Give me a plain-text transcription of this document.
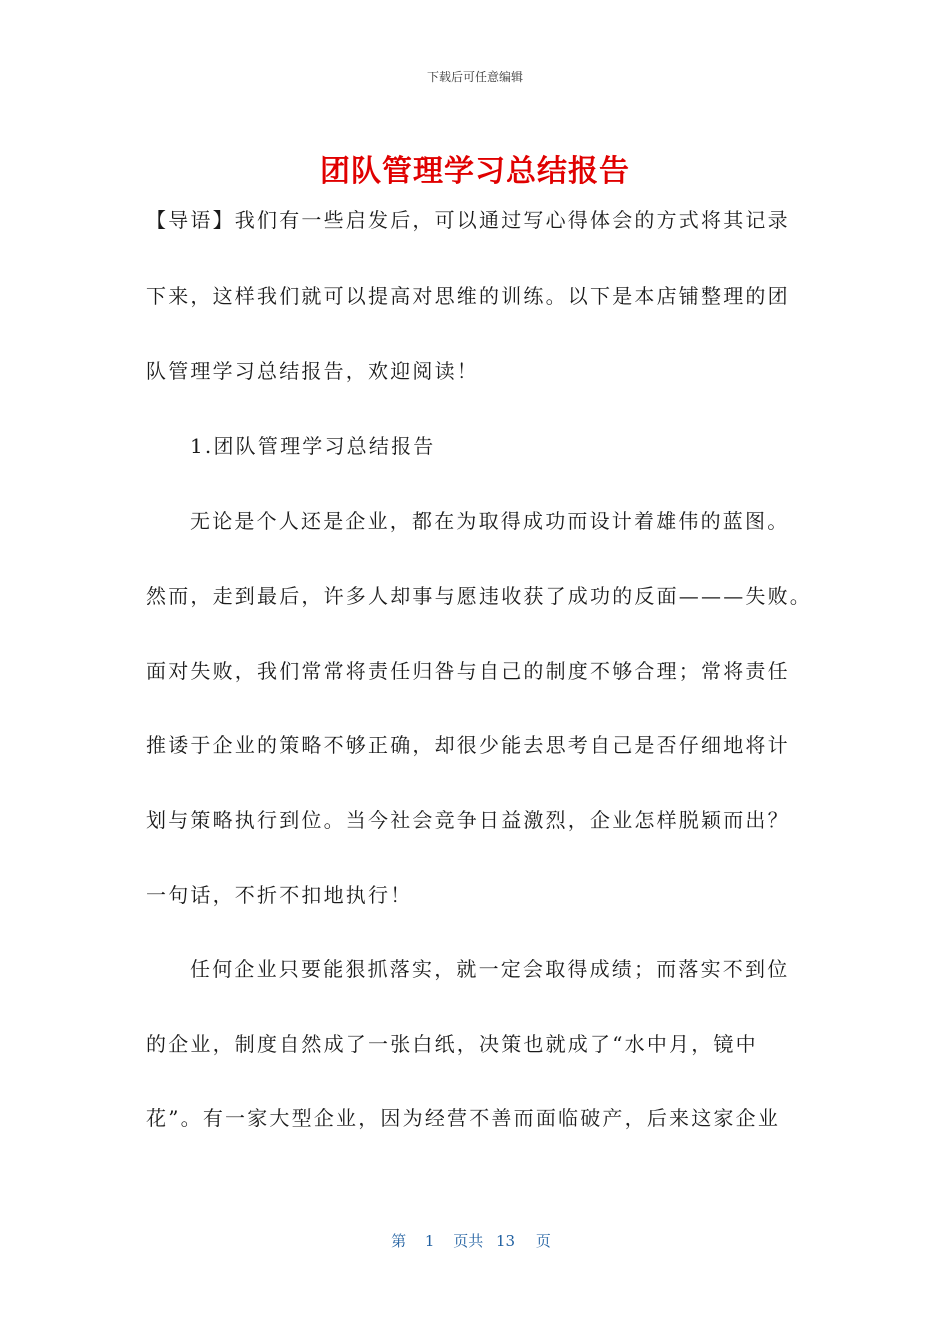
下载后可任意编辑
团队管理学习总结报告
【导语】我们有一些启发后，可以通过写心得体会的方式将其记录
下来，这样我们就可以提高对思维的训练。以下是本店铺整理的团
队管理学习总结报告，欢迎阅读！
1.团队管理学习总结报告
无论是个人还是企业，都在为取得成功而设计着雄伟的蓝图。
然而，走到最后，许多人却事与愿违收获了成功的反面———失败。
面对失败，我们常常将责任归咎与自己的制度不够合理；常将责任
推诿于企业的策略不够正确，却很少能去思考自己是否仔细地将计
划与策略执行到位。当今社会竞争日益激烈，企业怎样脱颖而出？
一句话，不折不扣地执行！
任何企业只要能狠抓落实，就一定会取得成绩；而落实不到位
的企业，制度自然成了一张白纸，决策也就成了“水中月，镜中
花”。有一家大型企业，因为经营不善而面临破产，后来这家企业
第 1 页共 13 页
